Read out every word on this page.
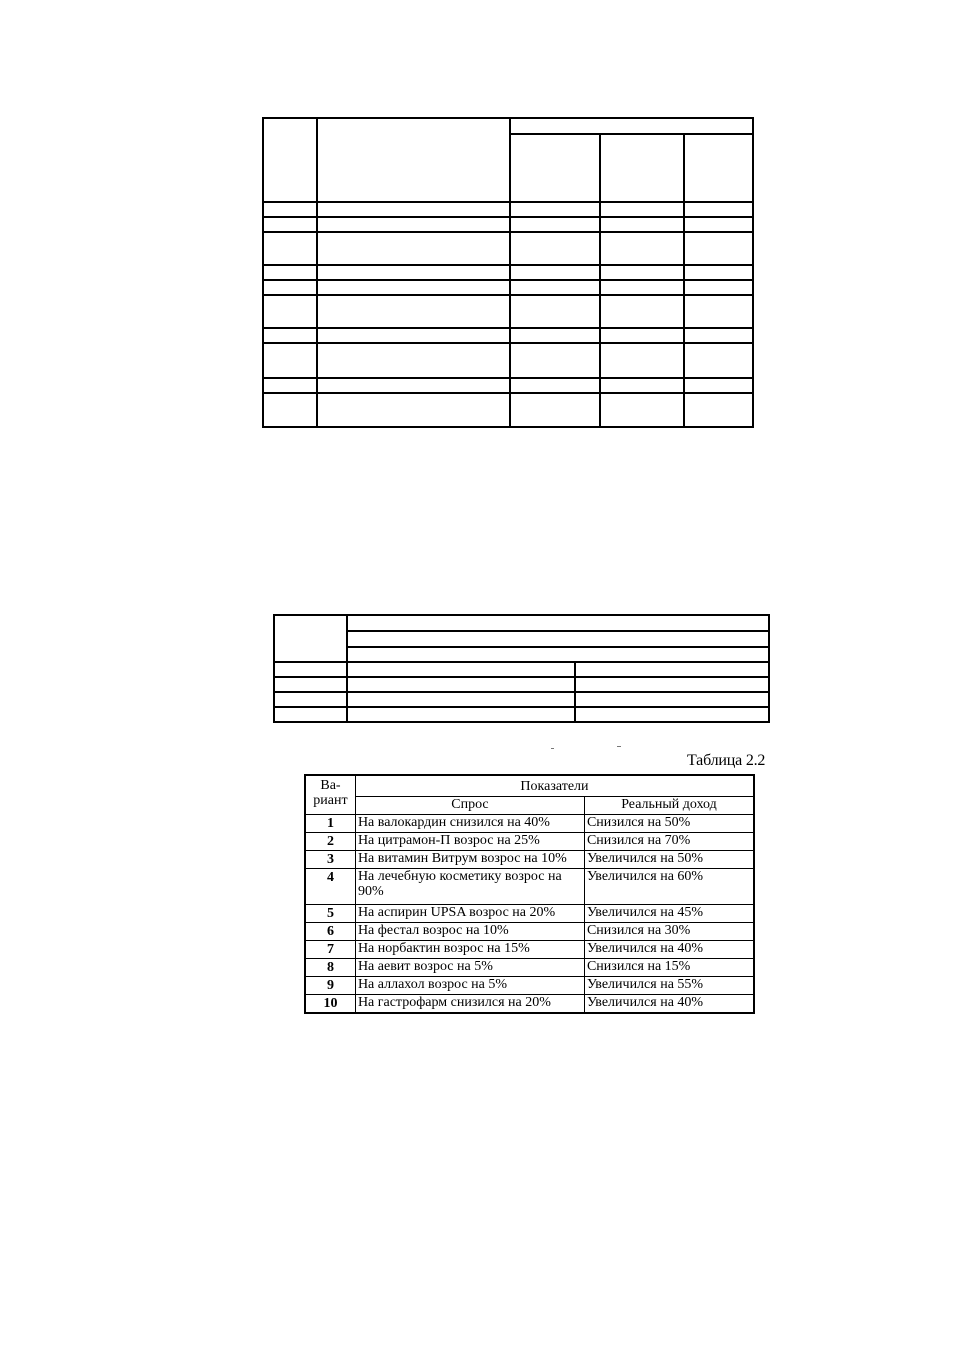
Таблица 2.2
Ва-
риант	Показатели	
	Спрос	Реальный доход
1	На валокардин снизился на 40%	Снизился на 50%
2	На цитрамон-П возрос на 25%	Снизился на 70%
3	На витамин Витрум возрос на 10%	Увеличился на 50%
4	На лечебную косметику возрос на 90%	Увеличился на 60%
5	На аспирин UPSA возрос на 20%	Увеличился на 45%
6	На фестал возрос на 10%	Снизился на 30%
7	На норбактин возрос на 15%	Увеличился на 40%
8	На аевит возрос на 5%	Снизился на 15%
9	На аллахол возрос на 5%	Увеличился на 55%
10	На гастрофарм снизился на 20%	Увеличился на 40%
